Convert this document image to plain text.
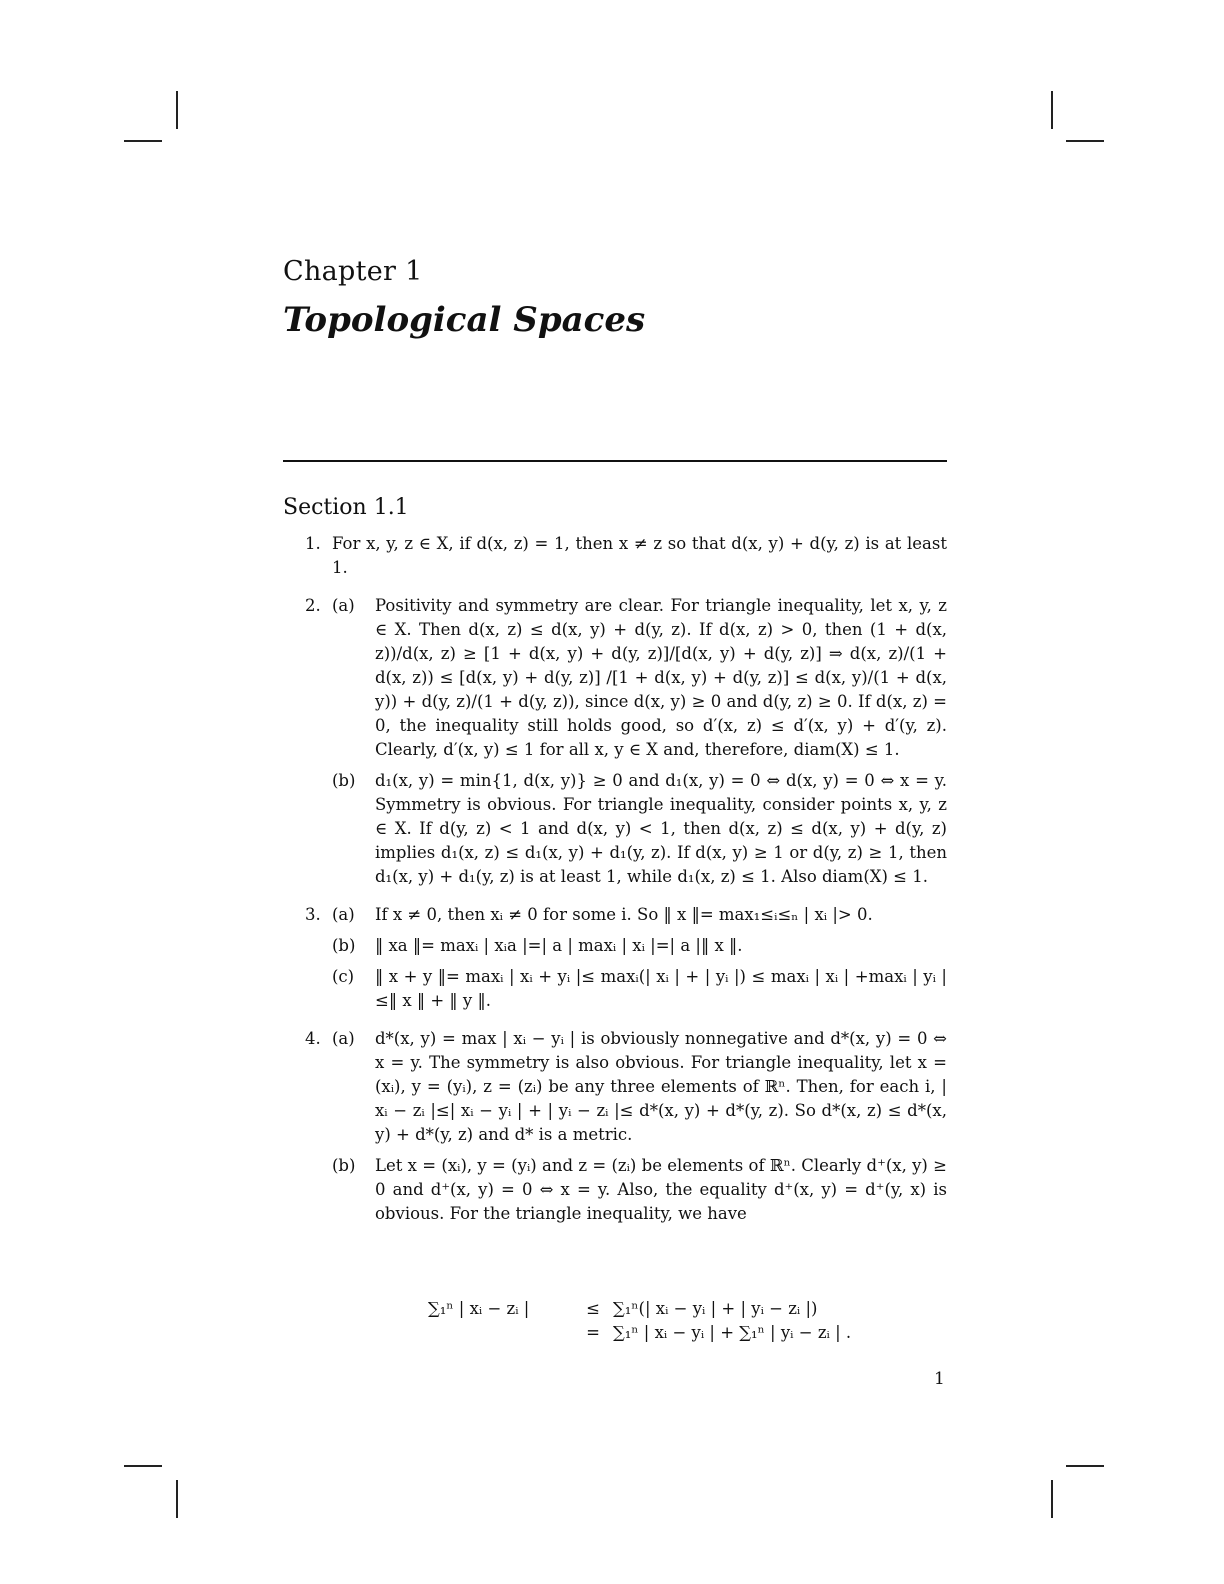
Chapter 1
Topological Spaces
Section 1.1
1. For x, y, z ∈ X, if d(x, z) = 1, then x ≠ z so that d(x, y) + d(y, z) is at least 1.
2. (a) Positivity and symmetry are clear. For triangle inequality, let x, y, z ∈ X. Then d(x, z) ≤ d(x, y) + d(y, z). If d(x, z) > 0, then (1 + d(x, z))/d(x, z) ≥ [1 + d(x, y) + d(y, z)]/[d(x, y) + d(y, z)] ⇒ d(x, z)/(1 + d(x, z)) ≤ [d(x, y) + d(y, z)] /[1 + d(x, y) + d(y, z)] ≤ d(x, y)/(1 + d(x, y)) + d(y, z)/(1 + d(y, z)), since d(x, y) ≥ 0 and d(y, z) ≥ 0. If d(x, z) = 0, the inequality still holds good, so d′(x, z) ≤ d′(x, y) + d′(y, z). Clearly, d′(x, y) ≤ 1 for all x, y ∈ X and, therefore, diam(X) ≤ 1.
(b) d₁(x, y) = min{1, d(x, y)} ≥ 0 and d₁(x, y) = 0 ⇔ d(x, y) = 0 ⇔ x = y. Symmetry is obvious. For triangle inequality, consider points x, y, z ∈ X. If d(y, z) < 1 and d(x, y) < 1, then d(x, z) ≤ d(x, y) + d(y, z) implies d₁(x, z) ≤ d₁(x, y) + d₁(y, z). If d(x, y) ≥ 1 or d(y, z) ≥ 1, then d₁(x, y) + d₁(y, z) is at least 1, while d₁(x, z) ≤ 1. Also diam(X) ≤ 1.
3. (a) If x ≠ 0, then xᵢ ≠ 0 for some i. So ‖ x ‖= max₁≤ᵢ≤ₙ | xᵢ |> 0.
(b) ‖ xa ‖= maxᵢ | xᵢa |=| a | maxᵢ | xᵢ |=| a |‖ x ‖.
(c) ‖ x + y ‖= maxᵢ | xᵢ + yᵢ |≤ maxᵢ(| xᵢ | + | yᵢ |) ≤ maxᵢ | xᵢ | +maxᵢ | yᵢ |≤‖ x ‖ + ‖ y ‖.
4. (a) d*(x, y) = max | xᵢ − yᵢ | is obviously nonnegative and d*(x, y) = 0 ⇔ x = y. The symmetry is also obvious. For triangle inequality, let x = (xᵢ), y = (yᵢ), z = (zᵢ) be any three elements of ℝⁿ. Then, for each i, | xᵢ − zᵢ |≤| xᵢ − yᵢ | + | yᵢ − zᵢ |≤ d*(x, y) + d*(y, z). So d*(x, z) ≤ d*(x, y) + d*(y, z) and d* is a metric.
(b) Let x = (xᵢ), y = (yᵢ) and z = (zᵢ) be elements of ℝⁿ. Clearly d⁺(x, y) ≥ 0 and d⁺(x, y) = 0 ⇔ x = y. Also, the equality d⁺(x, y) = d⁺(y, x) is obvious. For the triangle inequality, we have
∑₁ⁿ | xᵢ − zᵢ |	≤ ∑₁ⁿ(| xᵢ − yᵢ | + | yᵢ − zᵢ |)
= ∑₁ⁿ | xᵢ − yᵢ | + ∑₁ⁿ | yᵢ − zᵢ | .
1
